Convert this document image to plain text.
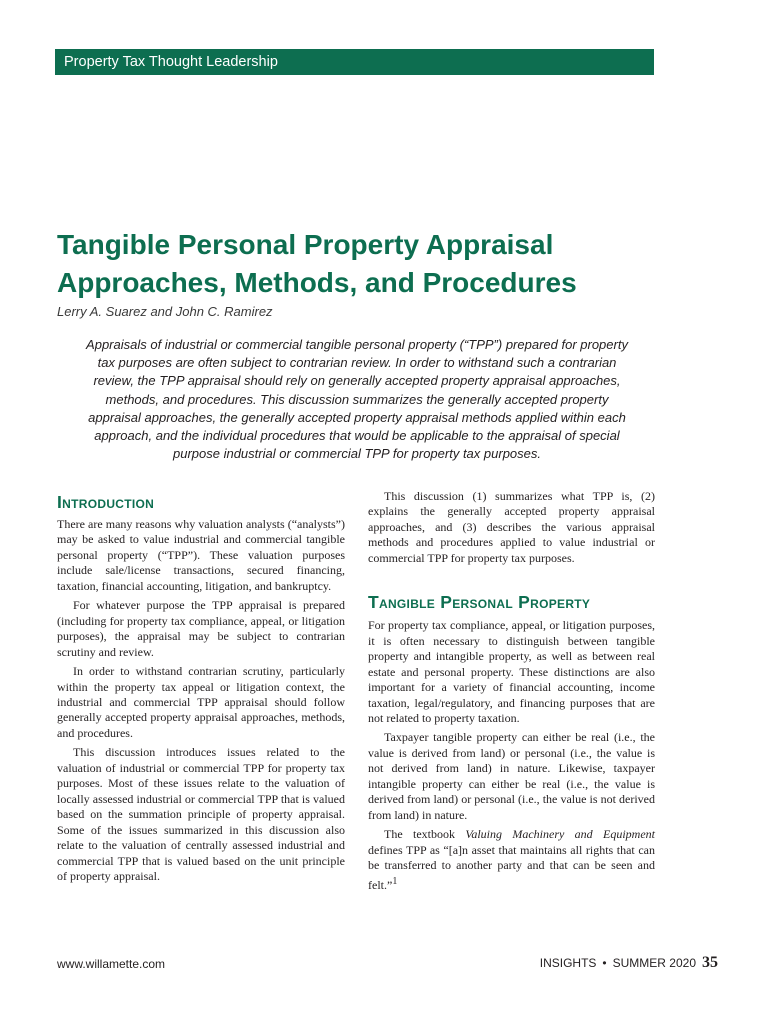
Property Tax Thought Leadership
Tangible Personal Property Appraisal
Approaches, Methods, and Procedures
Lerry A. Suarez and John C. Ramirez

Appraisals of industrial or commercial tangible personal property (“TPP”) prepared for property tax purposes are often subject to contrarian review. In order to withstand such a contrarian review, the TPP appraisal should rely on generally accepted property appraisal approaches, methods, and procedures. This discussion summarizes the generally accepted property appraisal approaches, the generally accepted property appraisal methods applied within each approach, and the individual procedures that would be applicable to the appraisal of special purpose industrial or commercial TPP for property tax purposes.

Introduction

There are many reasons why valuation analysts (“analysts”) may be asked to value industrial and commercial tangible personal property (“TPP”). These valuation purposes include sale/license transactions, secured financing, taxation, financial accounting, litigation, and bankruptcy.

For whatever purpose the TPP appraisal is prepared (including for property tax compliance, appeal, or litigation purposes), the appraisal may be subject to contrarian scrutiny and review.

In order to withstand contrarian scrutiny, particularly within the property tax appeal or litigation context, the industrial and commercial TPP appraisal should follow generally accepted property appraisal approaches, methods, and procedures.

This discussion introduces issues related to the valuation of industrial or commercial TPP for property tax purposes. Most of these issues relate to the valuation of locally assessed industrial or commercial TPP that is valued based on the summation principle of property appraisal. Some of the issues summarized in this discussion also relate to the valuation of centrally assessed industrial and commercial TPP that is valued based on the unit principle of property appraisal.

This discussion (1) summarizes what TPP is, (2) explains the generally accepted property appraisal approaches, and (3) describes the various appraisal methods and procedures applied to value industrial or commercial TPP for property tax purposes.

Tangible Personal Property

For property tax compliance, appeal, or litigation purposes, it is often necessary to distinguish between tangible property and intangible property, as well as between real estate and personal property. These distinctions are also important for a variety of financial accounting, income taxation, legal/regulatory, and financing purposes that are not related to property taxation.

Taxpayer tangible property can either be real (i.e., the value is derived from land) or personal (i.e., the value is not derived from land) in nature. Likewise, taxpayer intangible property can either be real (i.e., the value is derived from land) or personal (i.e., the value is not derived from land) in nature.

The textbook Valuing Machinery and Equipment defines TPP as “[a]n asset that maintains all rights that can be transferred to another party and that can be seen and felt.”$^1$

www.willamette.com	INSIGHTS • SUMMER 2020 35
